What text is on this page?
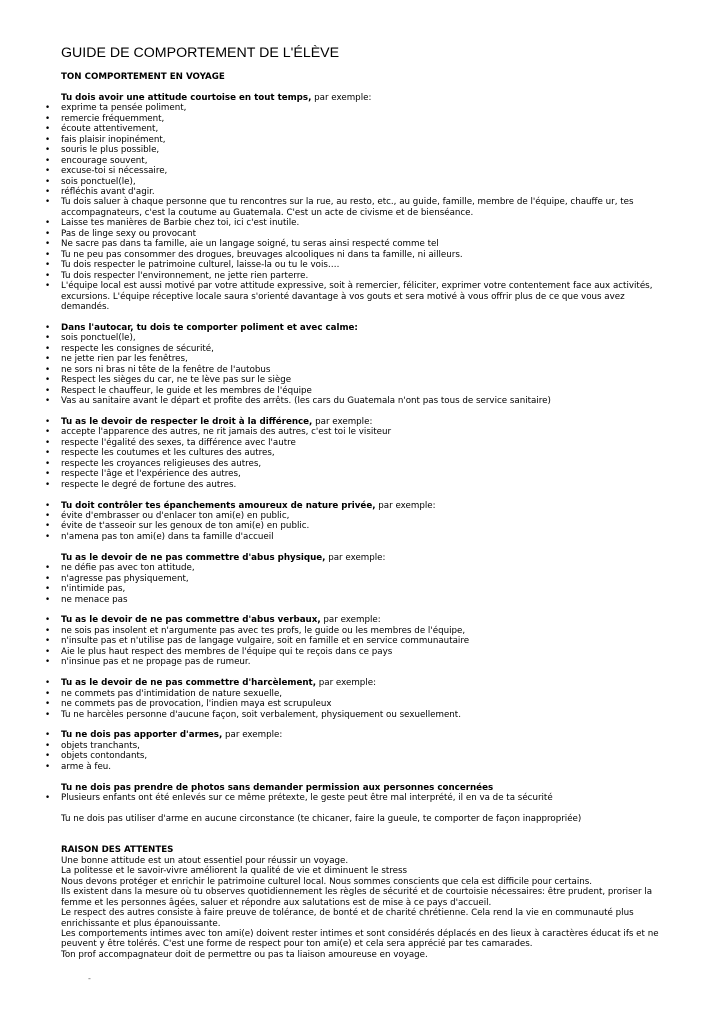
GUIDE DE COMPORTEMENT DE L'ÉLÈVE
TON COMPORTEMENT EN VOYAGE

Tu dois avoir une attitude courtoise en tout temps, par exemple:

• exprime ta pensée poliment,
• remercie fréquemment,
• écoute attentivement,
• fais plaisir inopinément,
• souris le plus possible,
• encourage souvent,
• excuse-toi si nécessaire,
• sois ponctuel(le),
• réfléchis avant d'agir.
• Tu dois saluer à chaque personne que tu rencontres sur la rue, au resto, etc., au guide, famille, membre de l'équipe, chauffe ur, tes accompagnateurs, c'est la coutume au Guatemala. C'est un acte de civisme et de bienséance.
• Laisse tes manières de Barbie chez toi, ici c'est inutile.
• Pas de linge sexy ou provocant
• Ne sacre pas dans ta famille, aie un langage soigné, tu seras ainsi respecté comme tel
• Tu ne peu pas consommer des drogues, breuvages alcooliques ni dans ta famille, ni ailleurs.
• Tu dois respecter le patrimoine culturel, laisse-la ou tu le vois….
• Tu dois respecter l'environnement, ne jette rien parterre.
• L'équipe local est aussi motivé par votre attitude expressive, soit à remercier, féliciter, exprimer votre contentement face aux activités, excursions. L'équipe réceptive locale saura s'orienté davantage à vos gouts et sera motivé à vous offrir plus de ce que vous avez demandés.
• Dans l'autocar, tu dois te comporter poliment et avec calme:
• sois ponctuel(le),
• respecte les consignes de sécurité,
• ne jette rien par les fenêtres,
• ne sors ni bras ni tête de la fenêtre de l'autobus
• Respect les sièges du car, ne te lève pas sur le siège
• Respect le chauffeur, le guide et les membres de l'équipe
• Vas au sanitaire avant le départ et profite des arrêts. (les cars du Guatemala n'ont pas tous de service sanitaire)
• Tu as le devoir de respecter le droit à la différence, par exemple:
• accepte l'apparence des autres, ne rit jamais des autres, c'est toi le visiteur
• respecte l'égalité des sexes, ta différence avec l'autre
• respecte les coutumes et les cultures des autres,
• respecte les croyances religieuses des autres,
• respecte l'âge et l'expérience des autres,
• respecte le degré de fortune des autres.
• Tu doit contrôler tes épanchements amoureux de nature privée, par exemple:
• évite d'embrasser ou d'enlacer ton ami(e) en public,
• évite de t'asseoir sur les genoux de ton ami(e) en public.
• n'amena pas ton ami(e) dans ta famille d'accueil

Tu as le devoir de ne pas commettre d'abus physique, par exemple:

• ne défie pas avec ton attitude,
• n'agresse pas physiquement,
• n'intimide pas,
• ne menace pas
• Tu as le devoir de ne pas commettre d'abus verbaux, par exemple:
• ne sois pas insolent et n'argumente pas avec tes profs, le guide ou les membres de l'équipe,
• n'insulte pas et n'utilise pas de langage vulgaire, soit en famille et en service communautaire
• Aie le plus haut respect des membres de l'équipe qui te reçois dans ce pays
• n'insinue pas et ne propage pas de rumeur.
• Tu as le devoir de ne pas commettre d'harcèlement, par exemple:
• ne commets pas d'intimidation de nature sexuelle,
• ne commets pas de provocation, l'indien maya est scrupuleux
• Tu ne harcèles personne d'aucune façon, soit verbalement, physiquement ou sexuellement.
• Tu ne dois pas apporter d'armes, par exemple:
• objets tranchants,
• objets contondants,
• arme à feu.

Tu ne dois pas prendre de photos sans demander permission aux personnes concernées

• Plusieurs enfants ont été enlevés sur ce même prétexte, le geste peut être mal interprété, il en va de ta sécurité

Tu ne dois pas utiliser d'arme en aucune circonstance (te chicaner, faire la gueule, te comporter de façon inappropriée)

RAISON DES ATTENTES

Une bonne attitude est un atout essentiel pour réussir un voyage.

La politesse et le savoir-vivre améliorent la qualité de vie et diminuent le stress

Nous devons protéger et enrichir le patrimoine culturel local. Nous sommes conscients que cela est difficile pour certains.

Ils existent dans la mesure où tu observes quotidiennement les règles de sécurité et de courtoisie nécessaires: être prudent, proriser la femme et les personnes âgées, saluer et répondre aux salutations est de mise à ce pays d'accueil.

Le respect des autres consiste à faire preuve de tolérance, de bonté et de charité chrétienne. Cela rend la vie en communauté plus enrichissante et plus épanouissante.

Les comportements intimes avec ton ami(e) doivent rester intimes et sont considérés déplacés en des lieux à caractères éducat ifs et ne peuvent y être tolérés. C'est une forme de respect pour ton ami(e) et cela sera apprécié par tes camarades.

Ton prof accompagnateur doit de permettre ou pas ta liaison amoureuse en voyage.

-
